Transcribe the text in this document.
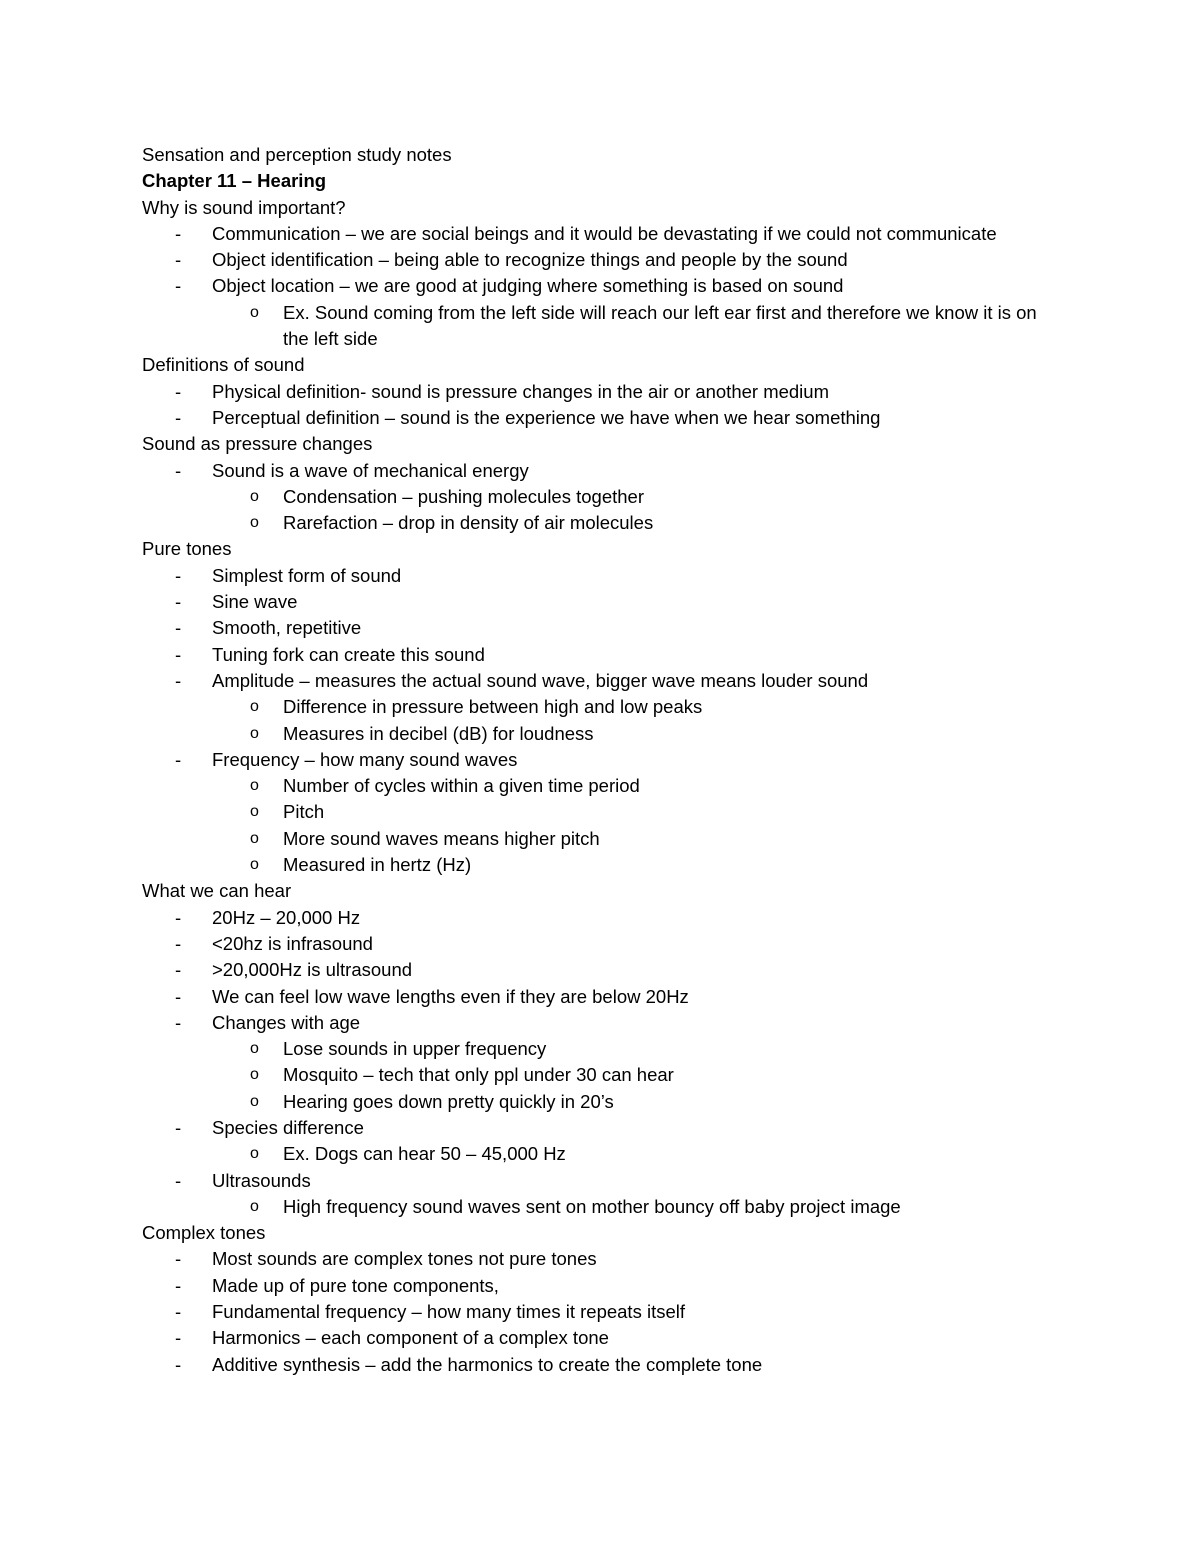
Sensation and perception study notes
Chapter 11 – Hearing
Why is sound important?
- Communication – we are social beings and it would be devastating if we could not communicate
- Object identification – being able to recognize things and people by the sound
- Object location – we are good at judging where something is based on sound
o Ex. Sound coming from the left side will reach our left ear first and therefore we know it is on the left side
Definitions of sound
- Physical definition- sound is pressure changes in the air or another medium
- Perceptual definition – sound is the experience we have when we hear something
Sound as pressure changes
- Sound is a wave of mechanical energy
o Condensation – pushing molecules together
o Rarefaction – drop in density of air molecules
Pure tones
- Simplest form of sound
- Sine wave
- Smooth, repetitive
- Tuning fork can create this sound
- Amplitude – measures the actual sound wave, bigger wave means louder sound
o Difference in pressure between high and low peaks
o Measures in decibel (dB) for loudness
- Frequency – how many sound waves
o Number of cycles within a given time period
o Pitch
o More sound waves means higher pitch
o Measured in hertz (Hz)
What we can hear
- 20Hz – 20,000 Hz
- <20hz is infrasound
- >20,000Hz is ultrasound
- We can feel low wave lengths even if they are below 20Hz
- Changes with age
o Lose sounds in upper frequency
o Mosquito – tech that only ppl under 30 can hear
o Hearing goes down pretty quickly in 20’s
- Species difference
o Ex. Dogs can hear 50 – 45,000 Hz
- Ultrasounds
o High frequency sound waves sent on mother bouncy off baby project image
Complex tones
- Most sounds are complex tones not pure tones
- Made up of pure tone components,
- Fundamental frequency – how many times it repeats itself
- Harmonics – each component of a complex tone
- Additive synthesis – add the harmonics to create the complete tone
